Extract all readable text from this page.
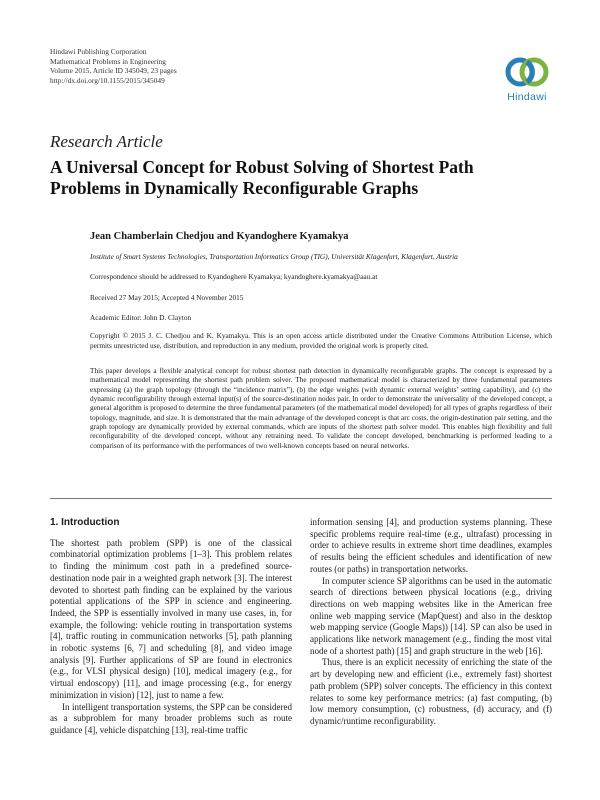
Hindawi Publishing Corporation
Mathematical Problems in Engineering
Volume 2015, Article ID 345049, 23 pages
http://dx.doi.org/10.1155/2015/345049
Hindawi
Research Article
A Universal Concept for Robust Solving of Shortest Path Problems in Dynamically Reconfigurable Graphs
Jean Chamberlain Chedjou and Kyandoghere Kyamakya
Institute of Smart Systems Technologies, Transportation Informatics Group (TIG), Universität Klagenfurt, Klagenfurt, Austria
Correspondence should be addressed to Kyandoghere Kyamakya; kyandoghere.kyamakya@aau.at
Received 27 May 2015; Accepted 4 November 2015
Academic Editor: John D. Clayton
Copyright © 2015 J. C. Chedjou and K. Kyamakya. This is an open access article distributed under the Creative Commons Attribution License, which permits unrestricted use, distribution, and reproduction in any medium, provided the original work is properly cited.
This paper develops a flexible analytical concept for robust shortest path detection in dynamically reconfigurable graphs. The concept is expressed by a mathematical model representing the shortest path problem solver. The proposed mathematical model is characterized by three fundamental parameters expressing (a) the graph topology (through the “incidence matrix”), (b) the edge weights (with dynamic external weights’ setting capability), and (c) the dynamic reconfigurability through external input(s) of the source-destination nodes pair. In order to demonstrate the universality of the developed concept, a general algorithm is proposed to determine the three fundamental parameters (of the mathematical model developed) for all types of graphs regardless of their topology, magnitude, and size. It is demonstrated that the main advantage of the developed concept is that arc costs, the origin-destination pair setting, and the graph topology are dynamically provided by external commands, which are inputs of the shortest path solver model. This enables high flexibility and full reconfigurability of the developed concept, without any retraining need. To validate the concept developed, benchmarking is performed leading to a comparison of its performance with the performances of two well-known concepts based on neural networks.
1. Introduction

The shortest path problem (SPP) is one of the classical combinatorial optimization problems [1–3]. This problem relates to finding the minimum cost path in a predefined source-destination node pair in a weighted graph network [3]. The interest devoted to shortest path finding can be explained by the various potential applications of the SPP in science and engineering. Indeed, the SPP is essentially involved in many use cases, in, for example, the following: vehicle routing in transportation systems [4], traffic routing in communication networks [5], path planning in robotic systems [6, 7] and scheduling [8], and video image analysis [9]. Further applications of SP are found in electronics (e.g., for VLSI physical design) [10], medical imagery (e.g., for virtual endoscopy) [11], and image processing (e.g., for energy minimization in vision) [12], just to name a few.

In intelligent transportation systems, the SPP can be considered as a subproblem for many broader problems such as route guidance [4], vehicle dispatching [13], real-time traffic

information sensing [4], and production systems planning. These specific problems require real-time (e.g., ultrafast) processing in order to achieve results in extreme short time deadlines, examples of results being the efficient schedules and identification of new routes (or paths) in transportation networks.

In computer science SP algorithms can be used in the automatic search of directions between physical locations (e.g., driving directions on web mapping websites like in the American free online web mapping service (MapQuest) and also in the desktop web mapping service (Google Maps)) [14]. SP can also be used in applications like network management (e.g., finding the most vital node of a shortest path) [15] and graph structure in the web [16].

Thus, there is an explicit necessity of enriching the state of the art by developing new and efficient (i.e., extremely fast) shortest path problem (SPP) solver concepts. The efficiency in this context relates to some key performance metrics: (a) fast computing, (b) low memory consumption, (c) robustness, (d) accuracy, and (f) dynamic/runtime reconfigurability.
